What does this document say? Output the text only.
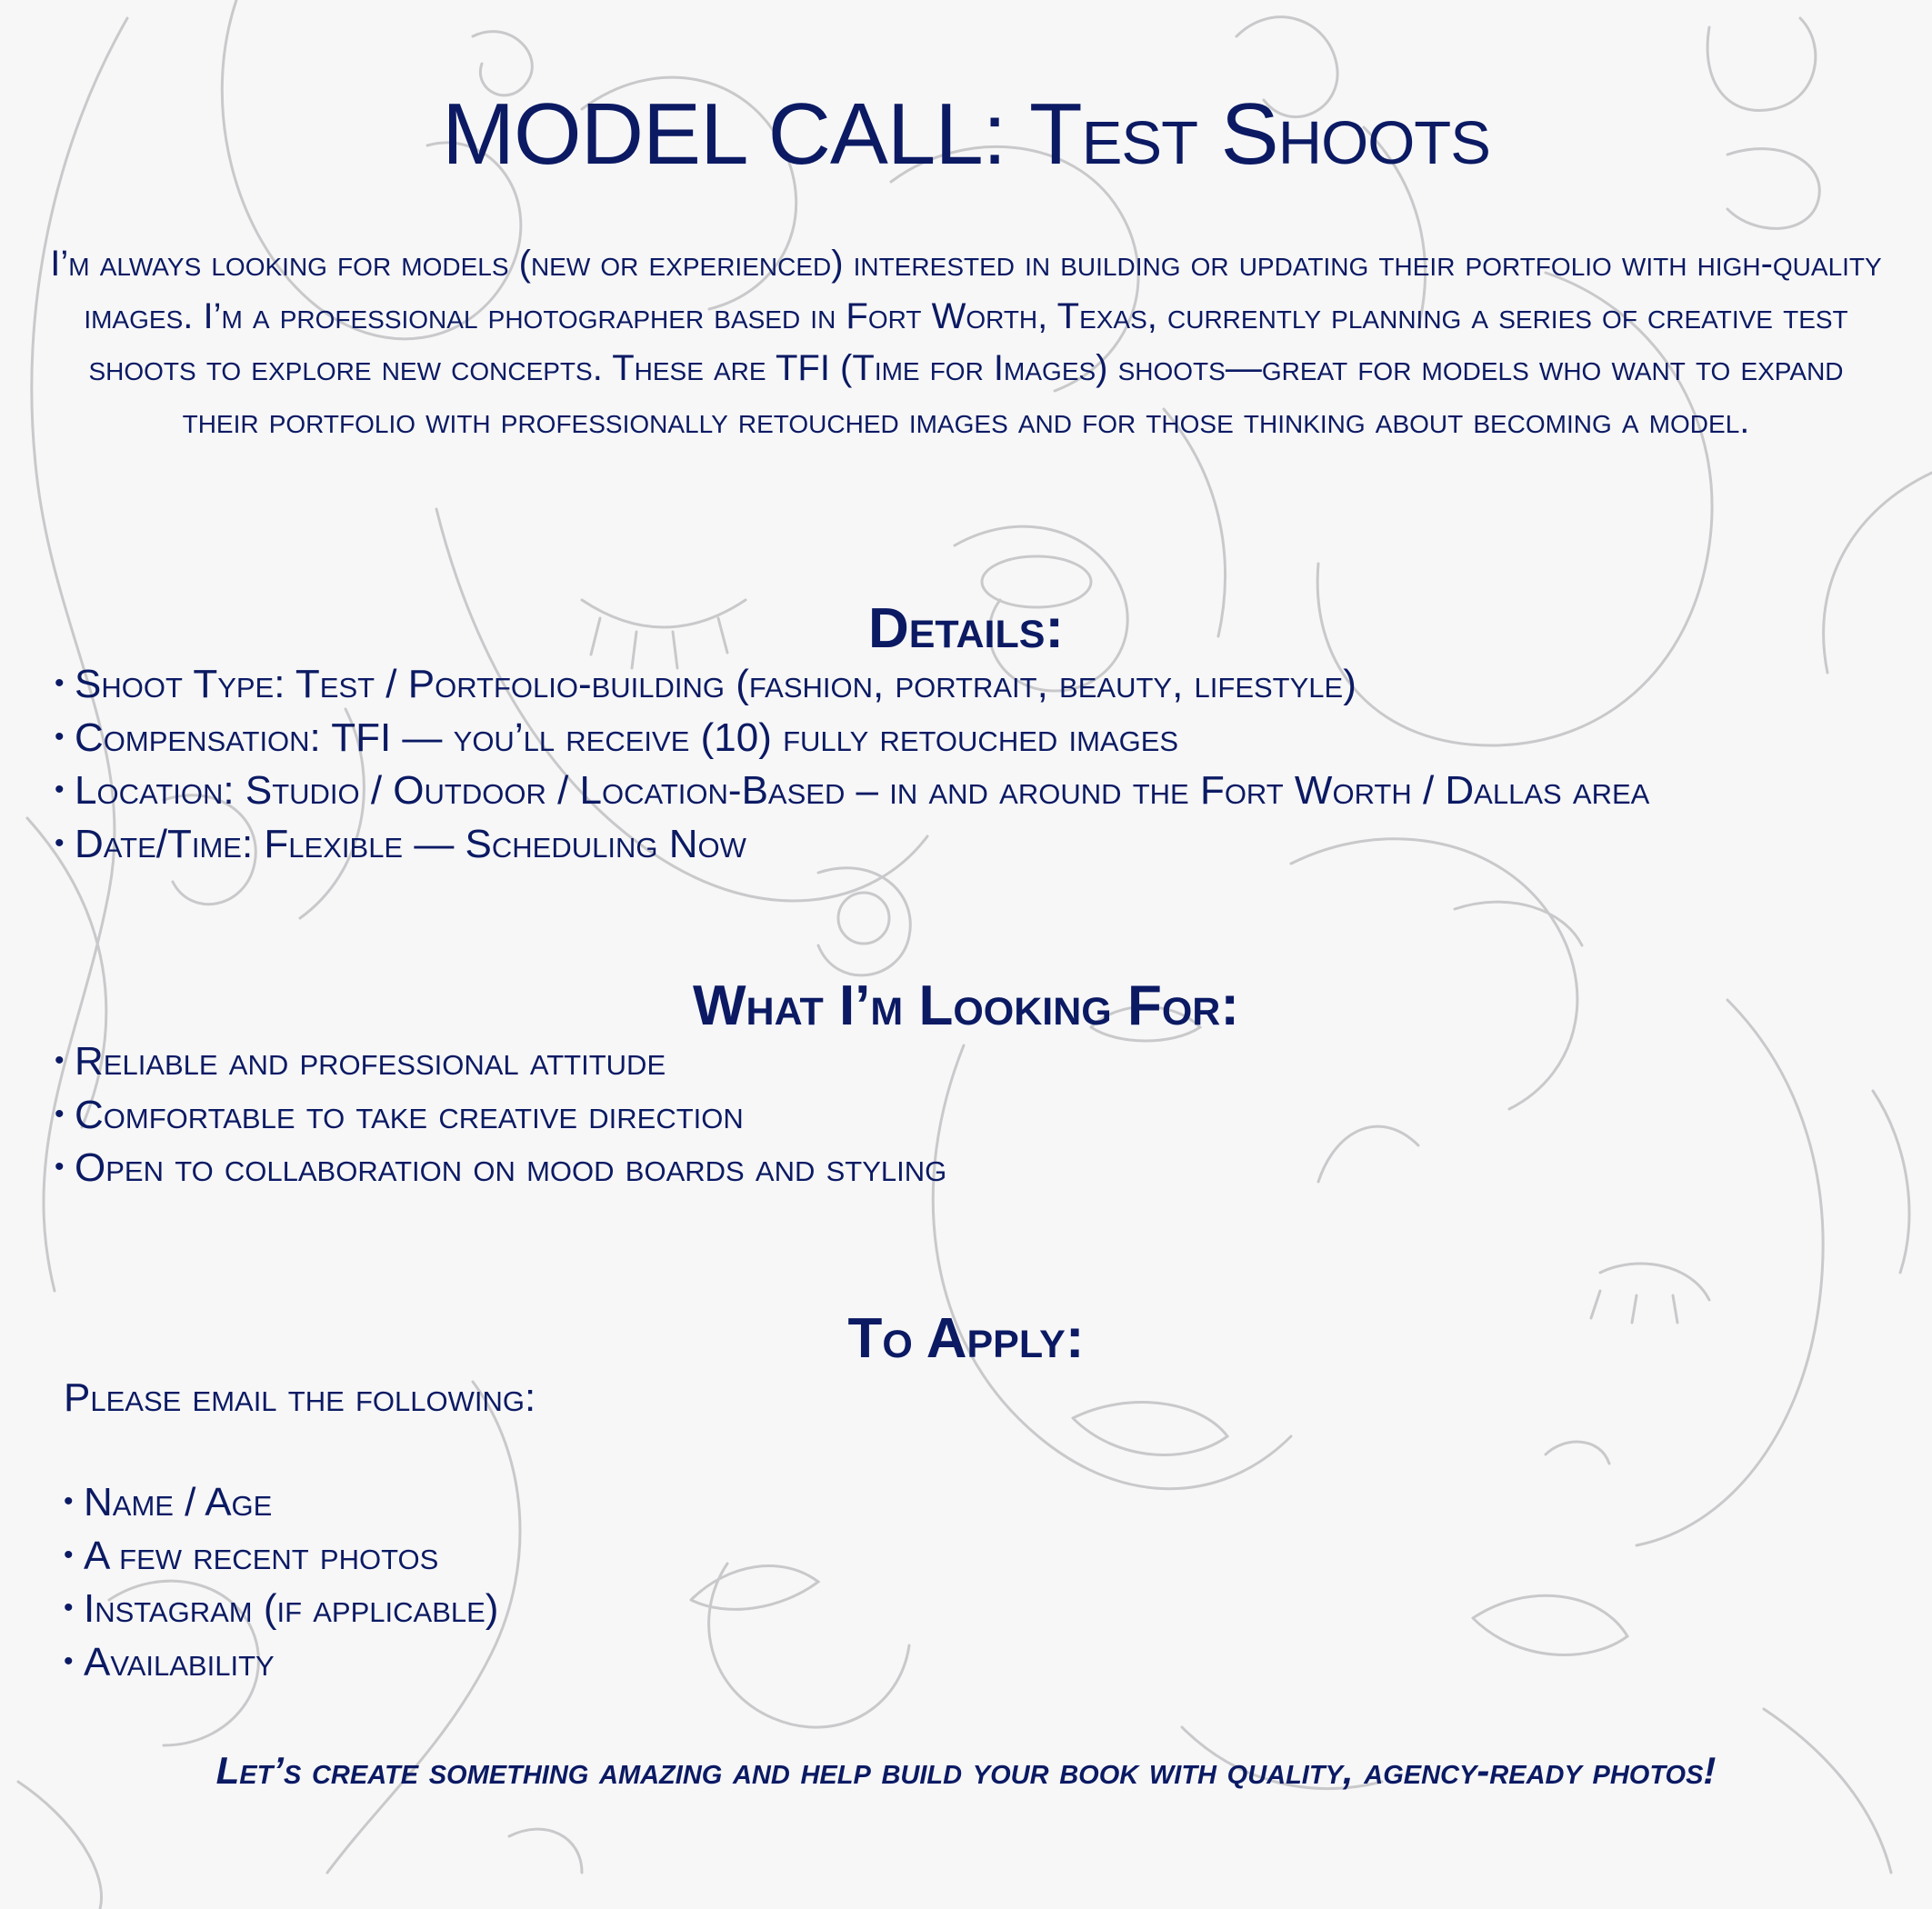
MODEL CALL: Test Shoots

I’m always looking for models (new or experienced) interested in building or updating their portfolio with high-quality images. I’m a professional photographer based in Fort Worth, Texas, currently planning a series of creative test shoots to explore new concepts. These are TFI (Time for Images) shoots—great for models who want to expand their portfolio with professionally retouched images and for those thinking about becoming a model.

Details:
• Shoot Type: Test / Portfolio-building (fashion, portrait, beauty, lifestyle)
• Compensation: TFI — you’ll receive (10) fully retouched images
• Location: Studio / Outdoor / Location-Based – in and around the Fort Worth / Dallas area
• Date/Time: Flexible — Scheduling Now
What I’m Looking For:
• Reliable and professional attitude
• Comfortable to take creative direction
• Open to collaboration on mood boards and styling
To Apply:

Please email the following:

• Name / Age
• A few recent photos
• Instagram (if applicable)
• Availability

Let’s create something amazing and help build your book with quality, agency-ready photos!
